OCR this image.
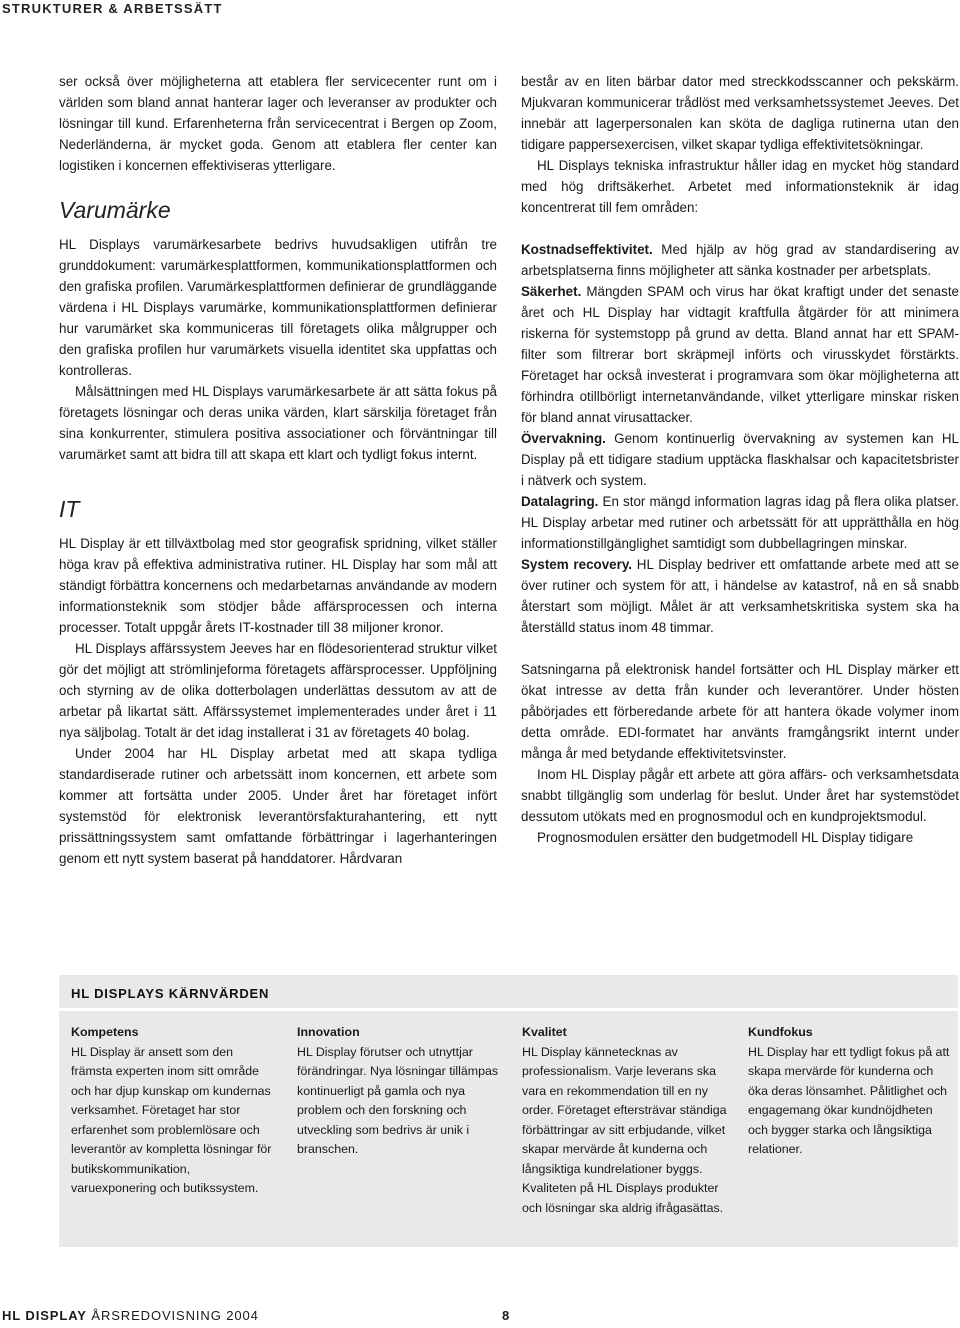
STRUKTURER & ARBETSSÄTT

ser också över möjligheterna att etablera fler servicecenter runt om i världen som bland annat hanterar lager och leveranser av produkter och lösningar till kund. Erfarenheterna från servicecentrat i Bergen op Zoom, Nederländerna, är mycket goda. Genom att etablera fler center kan logistiken i koncernen effektiviseras ytterligare.

Varumärke

HL Displays varumärkesarbete bedrivs huvudsakligen utifrån tre grunddokument: varumärkesplattformen, kommunikationsplattformen och den grafiska profilen. Varumärkesplattformen definierar de grundläggande värdena i HL Displays varumärke, kommunikationsplattformen definierar hur varumärket ska kommuniceras till företagets olika målgrupper och den grafiska profilen hur varumärkets visuella identitet ska uppfattas och kontrolleras.

Målsättningen med HL Displays varumärkesarbete är att sätta fokus på företagets lösningar och deras unika värden, klart särskilja företaget från sina konkurrenter, stimulera positiva associationer och förväntningar till varumärket samt att bidra till att skapa ett klart och tydligt fokus internt.

IT

HL Display är ett tillväxtbolag med stor geografisk spridning, vilket ställer höga krav på effektiva administrativa rutiner. HL Display har som mål att ständigt förbättra koncernens och medarbetarnas användande av modern informationsteknik som stödjer både affärsprocessen och interna processer. Totalt uppgår årets IT-kostnader till 38 miljoner kronor.

HL Displays affärssystem Jeeves har en flödesorienterad struktur vilket gör det möjligt att strömlinjeforma företagets affärsprocesser. Uppföljning och styrning av de olika dotterbolagen underlättas dessutom av att de arbetar på likartat sätt. Affärssystemet implementerades under året i 11 nya säljbolag. Totalt är det idag installerat i 31 av företagets 40 bolag.

Under 2004 har HL Display arbetat med att skapa tydliga standardiserade rutiner och arbetssätt inom koncernen, ett arbete som kommer att fortsätta under 2005. Under året har företaget infört systemstöd för elektronisk leverantörsfakturahantering, ett nytt prissättningssystem samt omfattande förbättringar i lagerhanteringen genom ett nytt system baserat på handdatorer. Hårdvaran

består av en liten bärbar dator med streckkodsscanner och pekskärm. Mjukvaran kommunicerar trådlöst med verksamhetssystemet Jeeves. Det innebär att lagerpersonalen kan sköta de dagliga rutinerna utan den tidigare pappersexercisen, vilket skapar tydliga effektivitetsökningar.

HL Displays tekniska infrastruktur håller idag en mycket hög standard med hög driftsäkerhet. Arbetet med informationsteknik är idag koncentrerat till fem områden:

Kostnadseffektivitet. Med hjälp av hög grad av standardisering av arbetsplatserna finns möjligheter att sänka kostnader per arbetsplats.

Säkerhet. Mängden SPAM och virus har ökat kraftigt under det senaste året och HL Display har vidtagit kraftfulla åtgärder för att minimera riskerna för systemstopp på grund av detta. Bland annat har ett SPAM-filter som filtrerar bort skräpmejl införts och virusskydet förstärkts. Företaget har också investerat i programvara som ökar möjligheterna att förhindra otillbörligt internetanvändande, vilket ytterligare minskar risken för bland annat virusattacker.

Övervakning. Genom kontinuerlig övervakning av systemen kan HL Display på ett tidigare stadium upptäcka flaskhalsar och kapacitetsbrister i nätverk och system.

Datalagring. En stor mängd information lagras idag på flera olika platser. HL Display arbetar med rutiner och arbetssätt för att upprätthålla en hög informationstillgänglighet samtidigt som dubbellagringen minskar.

System recovery. HL Display bedriver ett omfattande arbete med att se över rutiner och system för att, i händelse av katastrof, nå en så snabb återstart som möjligt. Målet är att verksamhetskritiska system ska ha återställd status inom 48 timmar.

Satsningarna på elektronisk handel fortsätter och HL Display märker ett ökat intresse av detta från kunder och leverantörer. Under hösten påbörjades ett förberedande arbete för att hantera ökade volymer inom detta område. EDI-formatet har använts framgångsrikt internt under många år med betydande effektivitetsvinster.

Inom HL Display pågår ett arbete att göra affärs- och verksamhetsdata snabbt tillgänglig som underlag för beslut. Under året har systemstödet dessutom utökats med en prognosmodul och en kundprojektsmodul.

Prognosmodulen ersätter den budgetmodell HL Display tidigare

HL DISPLAYS KÄRNVÄRDEN
Kompetens

HL Display är ansett som den främsta experten inom sitt område och har djup kunskap om kundernas verksamhet. Företaget har stor erfarenhet som problemlösare och leverantör av kompletta lösningar för butikskommunikation, varuexponering och butikssystem.

Innovation

HL Display förutser och utnyttjar förändringar. Nya lösningar tillämpas kontinuerligt på gamla och nya problem och den forskning och utveckling som bedrivs är unik i branschen.

Kvalitet

HL Display kännetecknas av professionalism. Varje leverans ska vara en rekommendation till en ny order. Företaget eftersträvar ständiga förbättringar av sitt erbjudande, vilket skapar mervärde åt kunderna och långsiktiga kundrelationer byggs. Kvaliteten på HL Displays produkter och lösningar ska aldrig ifrågasättas.

Kundfokus

HL Display har ett tydligt fokus på att skapa mervärde för kunderna och öka deras lönsamhet. Pålitlighet och engagemang ökar kundnöjdheten och bygger starka och långsiktiga relationer.

HL DISPLAY ÅRSREDOVISNING 2004	8
